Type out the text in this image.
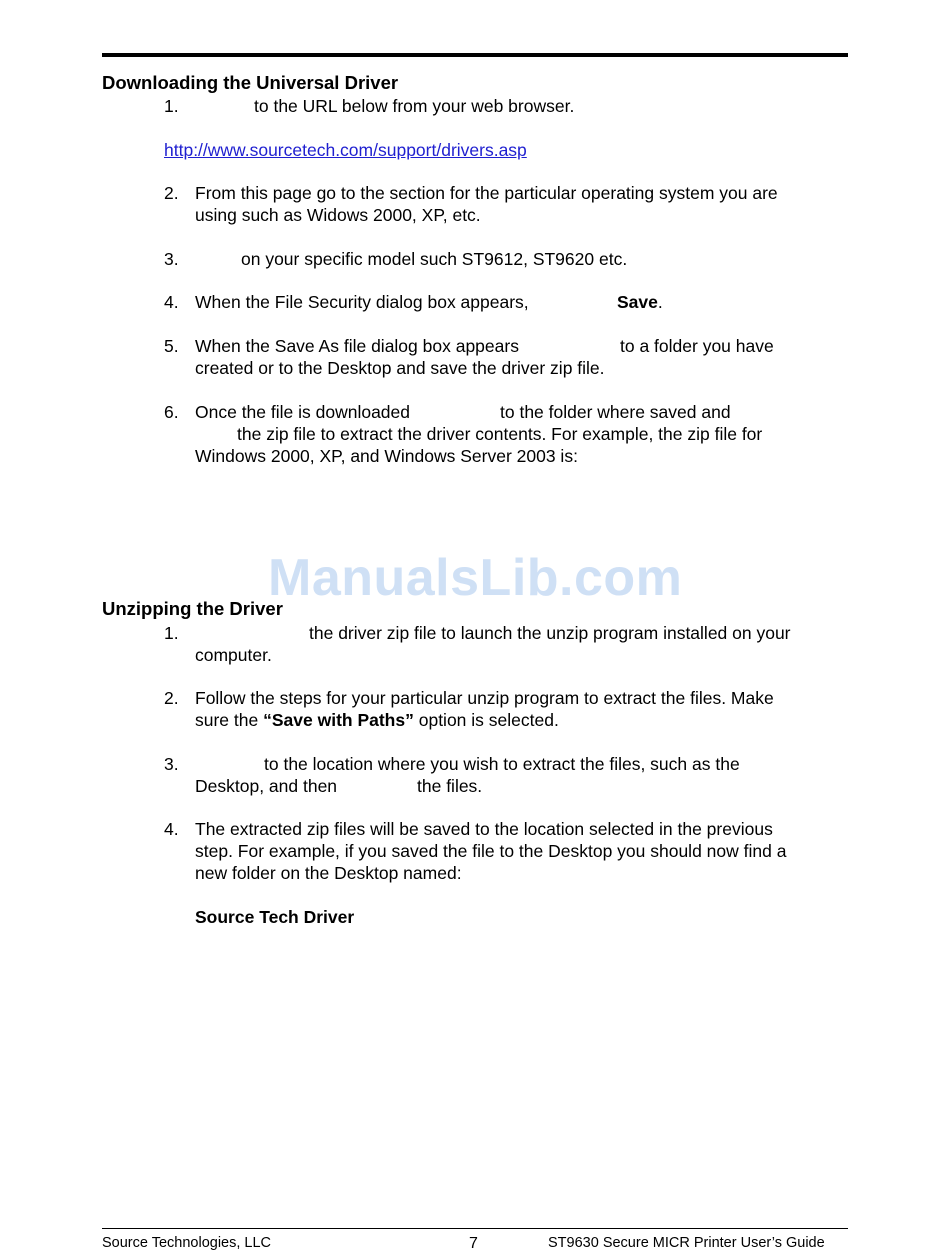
Downloading the Universal Driver
1.	to the URL below from your web browser.
http://www.sourcetech.com/support/drivers.asp
2. From this page go to the section for the particular operating system you are
using such as Widows 2000, XP, etc.
3.	on your specific model such ST9612, ST9620 etc.
4. When the File Security dialog box appears,	Save.
5. When the Save As file dialog box appears	to a folder you have
created or to the Desktop and save the driver zip file.
6. Once the file is downloaded	to the folder where saved and
the zip file to extract the driver contents. For example, the zip file for
Windows 2000, XP, and Windows Server 2003 is:
ManualsLib.com
Unzipping the Driver
1.	the driver zip file to launch the unzip program installed on your
computer.
2. Follow the steps for your particular unzip program to extract the files. Make
sure the “Save with Paths” option is selected.
3.	to the location where you wish to extract the files, such as the
Desktop, and then	the files.
4. The extracted zip files will be saved to the location selected in the previous
step. For example, if you saved the file to the Desktop you should now find a
new folder on the Desktop named:
Source Tech Driver
Source Technologies, LLC	7	ST9630 Secure MICR Printer User’s Guide
